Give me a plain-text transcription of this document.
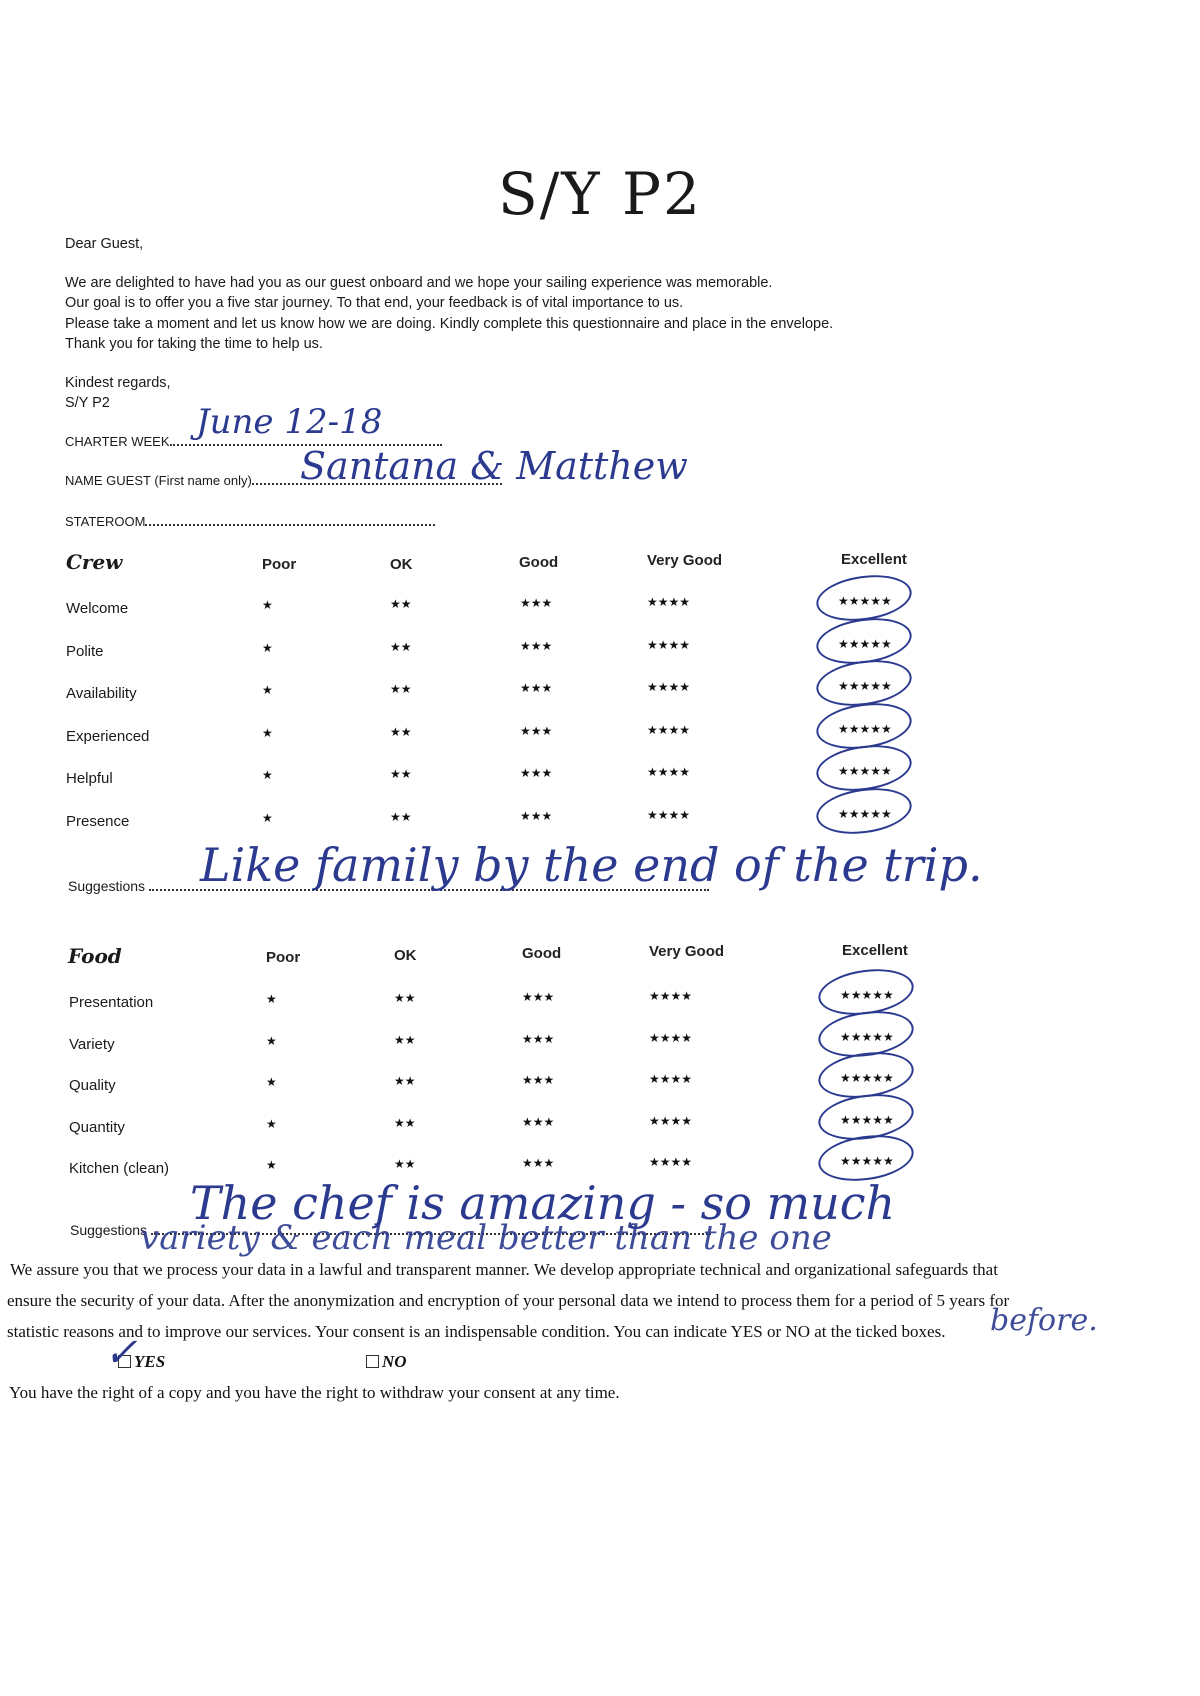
S/Y P2
Dear Guest,
We are delighted to have had you as our guest onboard and we hope your sailing experience was memorable.
Our goal is to offer you a five star journey. To that end, your feedback is of vital importance to us.
Please take a moment and let us know how we are doing. Kindly complete this questionnaire and place in the envelope.
Thank you for taking the time to help us.
Kindest regards,
S/Y P2
CHARTER WEEK June 12-18
NAME GUEST (First name only)	Santana & Matthew
STATEROOM
Crew	Poor	OK	Good	Very Good	Excellent
Welcome	★	★★	★★★	★★★★	★★★★★
Polite	★	★★	★★★	★★★★	★★★★★
Availability	★	★★	★★★	★★★★	★★★★★
Experienced	★	★★	★★★	★★★★	★★★★★
Helpful	★	★★	★★★	★★★★	★★★★★
Presence	★	★★	★★★	★★★★	★★★★★
Suggestions	Like family by the end of the trip.
Food	Poor	OK	Good	Very Good	Excellent
Presentation	★	★★	★★★	★★★★	★★★★★
Variety	★	★★	★★★	★★★★	★★★★★
Quality	★	★★	★★★	★★★★	★★★★★
Quantity	★	★★	★★★	★★★★	★★★★★
Kitchen (clean)	★	★★	★★★	★★★★	★★★★★
Suggestions The chef is amazing - so much
variety & each meal better than the one
before.
We assure you that we process your data in a lawful and transparent manner. We develop appropriate technical and organizational safeguards that
ensure the security of your data. After the anonymization and encryption of your personal data we intend to process them for a period of 5 years for
statistic reasons and to improve our services. Your consent is an indispensable condition. You can indicate YES or NO at the ticked boxes.
YES
✓	NO
You have the right of a copy and you have the right to withdraw your consent at any time.
